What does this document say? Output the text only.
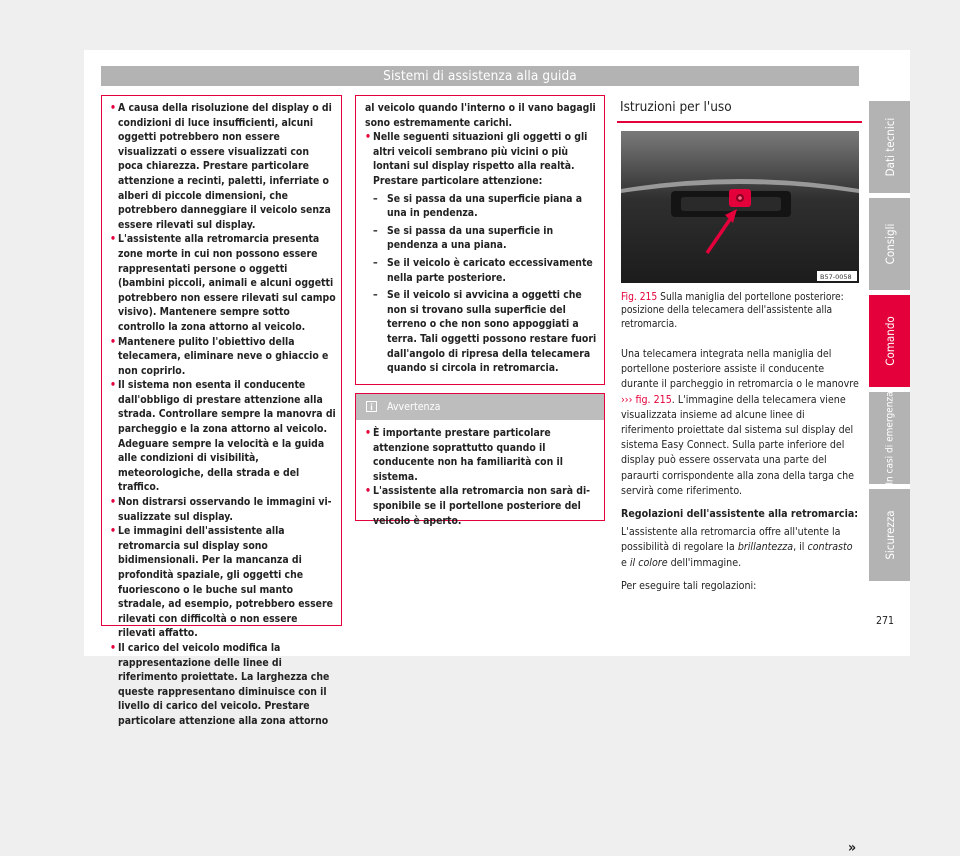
Sistemi di assistenza alla guida
• A causa della risoluzione del display o di condizioni di luce insufficienti, alcuni oggetti potrebbero non essere visualizzati o essere visualizzati con poca chiarezza. Prestare particolare attenzione a recinti, paletti, inferriate o alberi di piccole dimensioni, che potrebbero danneggiare il veicolo senza essere rilevati sul display.
• L'assistente alla retromarcia presenta zone morte in cui non possono essere rappresentati persone o oggetti (bambini piccoli, animali e alcuni oggetti potrebbero non essere rilevati sul campo visivo). Mantenere sempre sotto controllo la zona attorno al veicolo.
• Mantenere pulito l'obiettivo della telecamera, eliminare neve o ghiaccio e non coprirlo.
• Il sistema non esenta il conducente dall'obbligo di prestare attenzione alla strada. Controllare sempre la manovra di parcheggio e la zona attorno al veicolo. Adeguare sempre la velocità e la guida alle condizioni di visibilità, meteorologiche, della strada e del traffico.
• Non distrarsi osservando le immagini visualizzate sul display.
• Le immagini dell'assistente alla retromarcia sul display sono bidimensionali. Per la mancanza di profondità spaziale, gli oggetti che fuoriescono o le buche sul manto stradale, ad esempio, potrebbero essere rilevati con difficoltà o non essere rilevati affatto.
• Il carico del veicolo modifica la rappresentazione delle linee di riferimento proiettate. La larghezza che queste rappresentano diminuisce con il livello di carico del veicolo. Prestare particolare attenzione alla zona attorno
al veicolo quando l'interno o il vano bagagli sono estremamente carichi.
• Nelle seguenti situazioni gli oggetti o gli altri veicoli sembrano più vicini o più lontani sul display rispetto alla realtà. Prestare particolare attenzione:
– Se si passa da una superficie piana a una in pendenza.
– Se si passa da una superficie in pendenza a una piana.
– Se il veicolo è caricato eccessivamente nella parte posteriore.
– Se il veicolo si avvicina a oggetti che non si trovano sulla superficie del terreno o che non sono appoggiati a terra. Tali oggetti possono restare fuori dall'angolo di ripresa della telecamera quando si circola in retromarcia.
Avvertenza
• È importante prestare particolare attenzione soprattutto quando il conducente non ha familiarità con il sistema.
• L'assistente alla retromarcia non sarà disponibile se il portellone posteriore del veicolo è aperto.
Istruzioni per l'uso
B57-0058
Fig. 215 Sulla maniglia del portellone posteriore: posizione della telecamera dell'assistente alla retromarcia.

Una telecamera integrata nella maniglia del portellone posteriore assiste il conducente durante il parcheggio in retromarcia o le manovre ››› fig. 215. L'immagine della telecamera viene visualizzata insieme ad alcune linee di riferimento proiettate dal sistema sul display del sistema Easy Connect. Sulla parte inferiore del display può essere osservata una parte del paraurti corrispondente alla zona della targa che servirà come riferimento.

Regolazioni dell'assistente alla retromarcia:

L'assistente alla retromarcia offre all'utente la possibilità di regolare la brillantezza, il contrasto e il colore dell'immagine.

Per eseguire tali regolazioni:

»
Dati tecnici
Consigli
Comando
In casi di emergenza
Sicurezza
271
